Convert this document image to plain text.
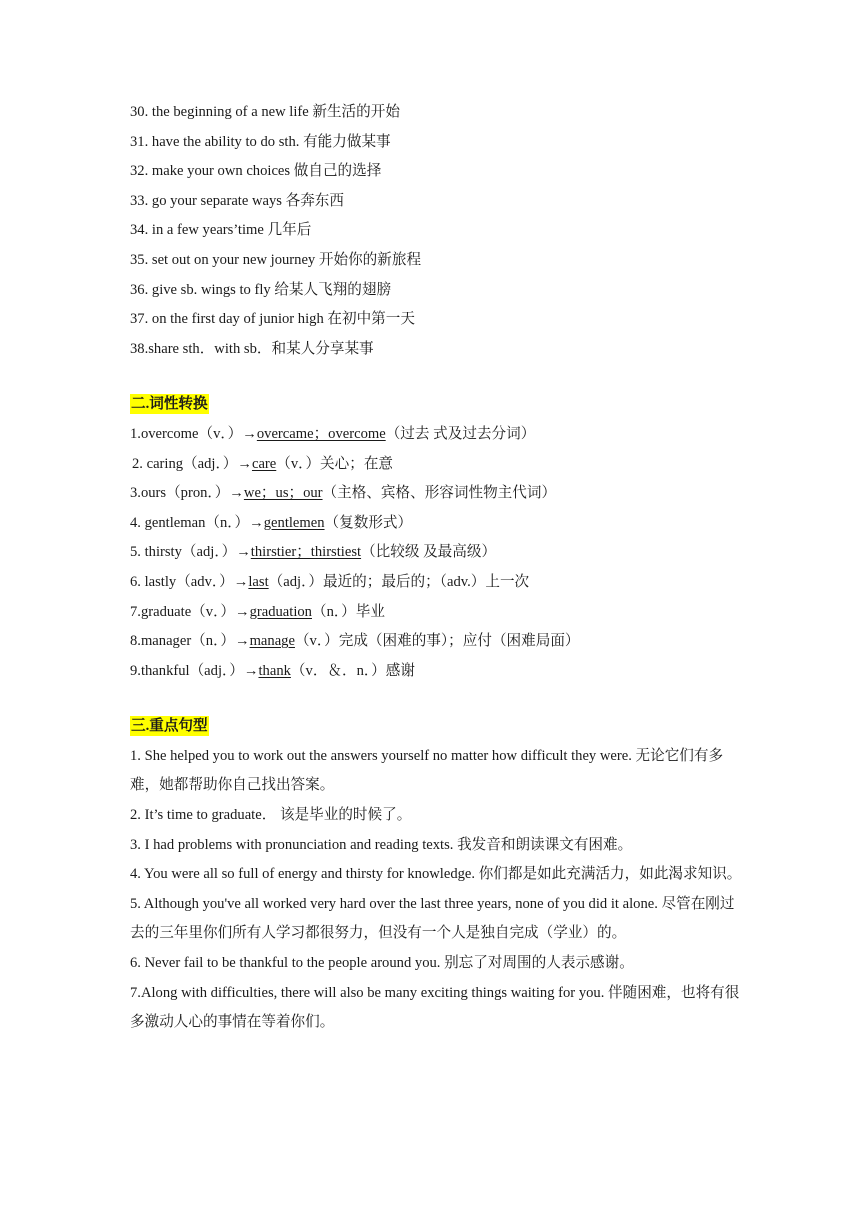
30. the beginning of a new life 新生活的开始
31. have the ability to do sth. 有能力做某事
32. make your own choices 做自己的选择
33. go your separate ways 各奔东西
34. in a few years’time 几年后
35. set out on your new journey 开始你的新旅程
36. give sb. wings to fly 给某人飞翔的翅膀
37. on the first day of junior high 在初中第一天
38.share sth．with sb．和某人分享某事
二.词性转换
1.overcome（v．）→overcame；overcome（过去 式及过去分词）
2. caring（adj．）→care（v．）关心；在意
3.ours（pron．）→we；us；our（主格、宾格、形容词性物主代词）
4. gentleman（n．）→gentlemen（复数形式）
5. thirsty（adj．）→thirstier；thirstiest（比较级 及最高级）
6. lastly（adv．）→last（adj．）最近的；最后的；（adv.）上一次
7.graduate（v．）→graduation（n．）毕业
8.manager（n．）→manage（v．）完成（困难的事）；应付（困难局面）
9.thankful（adj．）→thank（v．＆．n．）感谢
三.重点句型
1. She helped you to work out the answers yourself no matter how difficult they were. 无论它们有多难，她都帮助你自己找出答案。
2. It’s time to graduate． 该是毕业的时候了。
3. I had problems with pronunciation and reading texts. 我发音和朗读课文有困难。
4. You were all so full of energy and thirsty for knowledge. 你们都是如此充满活力，如此渴求知识。
5. Although you've all worked very hard over the last three years, none of you did it alone. 尽管在刚过去的三年里你们所有人学习都很努力，但没有一个人是独自完成（学业）的。
6. Never fail to be thankful to the people around you. 别忘了对周围的人表示感谢。
7.Along with difficulties, there will also be many exciting things waiting for you. 伴随困难，也将有很多激动人心的事情在等着你们。
